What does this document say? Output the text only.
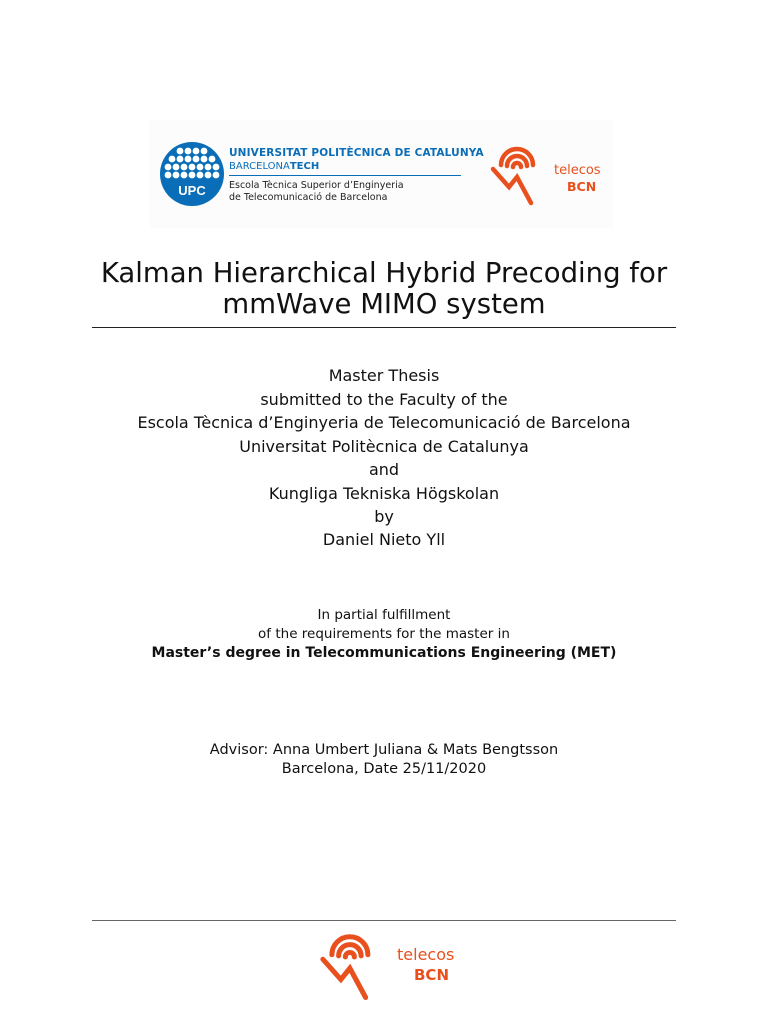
UPC
UNIVERSITAT POLITÈCNICA DE CATALUNYA
BARCELONATECH
Escola Tècnica Superior d’Enginyeria
de Telecomunicació de Barcelona
telecos
BCN
Kalman Hierarchical Hybrid Precoding for
mmWave MIMO system
Master Thesis
submitted to the Faculty of the
Escola Tècnica d’Enginyeria de Telecomunicació de Barcelona
Universitat Politècnica de Catalunya
and
Kungliga Tekniska Högskolan
by
Daniel Nieto Yll
In partial fulfillment
of the requirements for the master in
Master’s degree in Telecommunications Engineering (MET)
Advisor: Anna Umbert Juliana & Mats Bengtsson
Barcelona, Date 25/11/2020
telecos
BCN
